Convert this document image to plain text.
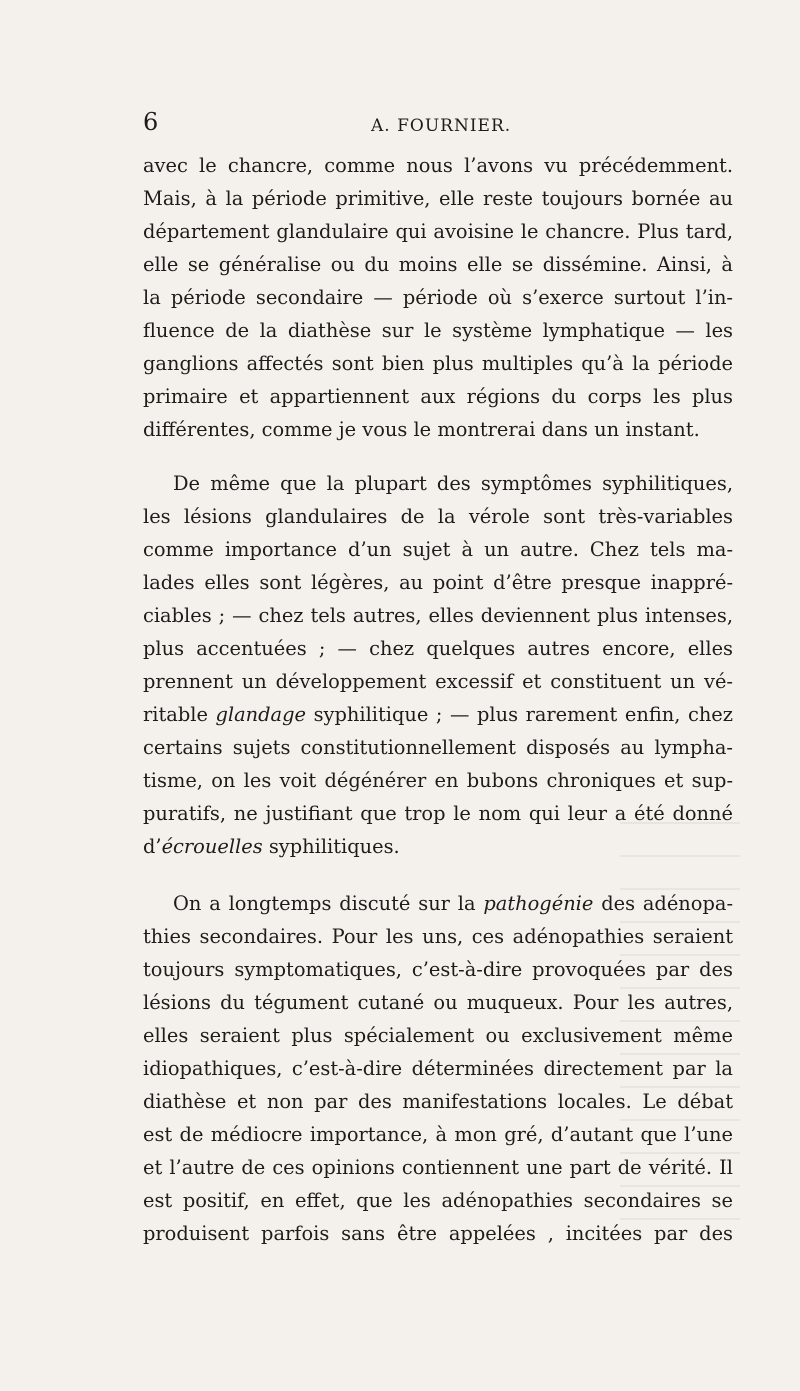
6	A. FOURNIER.
avec le chancre, comme nous l’avons vu précédemment.
Mais, à la période primitive, elle reste toujours bornée au
département glandulaire qui avoisine le chancre. Plus tard,
elle se généralise ou du moins elle se dissémine. Ainsi, à
la période secondaire — période où s’exerce surtout l’in-
fluence de la diathèse sur le système lymphatique — les
ganglions affectés sont bien plus multiples qu’à la période
primaire et appartiennent aux régions du corps les plus
différentes, comme je vous le montrerai dans un instant.
De même que la plupart des symptômes syphilitiques,
les lésions glandulaires de la vérole sont très-variables
comme importance d’un sujet à un autre. Chez tels ma-
lades elles sont légères, au point d’être presque inappré-
ciables ; — chez tels autres, elles deviennent plus intenses,
plus accentuées ; — chez quelques autres encore, elles
prennent un développement excessif et constituent un vé-
ritable glandage syphilitique ; — plus rarement enfin, chez
certains sujets constitutionnellement disposés au lympha-
tisme, on les voit dégénérer en bubons chroniques et sup-
puratifs, ne justifiant que trop le nom qui leur a été donné
d’écrouelles syphilitiques.
On a longtemps discuté sur la pathogénie des adénopa-
thies secondaires. Pour les uns, ces adénopathies seraient
toujours symptomatiques, c’est-à-dire provoquées par des
lésions du tégument cutané ou muqueux. Pour les autres,
elles seraient plus spécialement ou exclusivement même
idiopathiques, c’est-à-dire déterminées directement par la
diathèse et non par des manifestations locales. Le débat
est de médiocre importance, à mon gré, d’autant que l’une
et l’autre de ces opinions contiennent une part de vérité. Il
est positif, en effet, que les adénopathies secondaires se
produisent parfois sans être appelées , incitées par des
